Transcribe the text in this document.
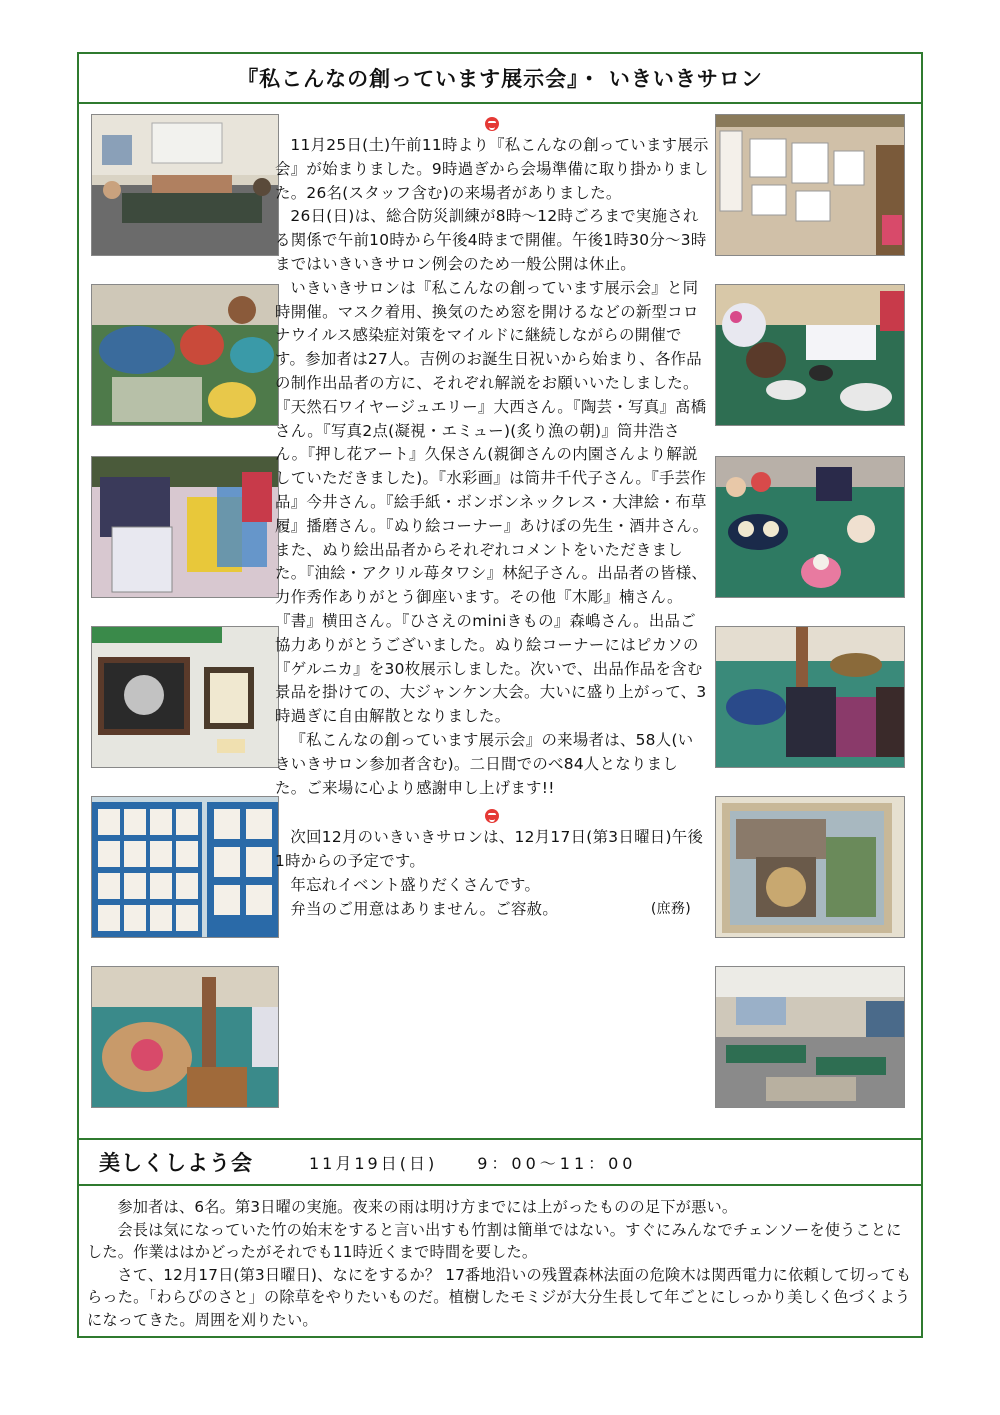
『私こんなの創っています展示会』・ いきいきサロン

11月25日(土)午前11時より『私こんなの創っています展示会』が始まりました。9時過ぎから会場準備に取り掛かりました。26名(スタッフ含む)の来場者がありました。

26日(日)は、総合防災訓練が8時～12時ごろまで実施される関係で午前10時から午後4時まで開催。午後1時30分～3時まではいきいきサロン例会のため一般公開は休止。

いきいきサロンは『私こんなの創っています展示会』と同時開催。マスク着用、換気のため窓を開けるなどの新型コロナウイルス感染症対策をマイルドに継続しながらの開催です。参加者は27人。吉例のお誕生日祝いから始まり、各作品の制作出品者の方に、それぞれ解説をお願いいたしました。『天然石ワイヤージュエリー』大西さん。『陶芸・写真』髙橋さん。『写真2点(凝視・エミュー)(炙り漁の朝)』筒井浩さん。『押し花アート』久保さん(親御さんの内園さんより解説していただきました)。『水彩画』は筒井千代子さん。『手芸作品』今井さん。『絵手紙・ボンボンネックレス・大津絵・布草履』播磨さん。『ぬり絵コーナー』あけぼの先生・酒井さん。また、ぬり絵出品者からそれぞれコメントをいただきました。『油絵・アクリル苺タワシ』林紀子さん。出品者の皆様、力作秀作ありがとう御座います。その他『木彫』楠さん。『書』横田さん。『ひさえのminiきもの』森嶋さん。出品ご協力ありがとうございました。ぬり絵コーナーにはピカソの『ゲルニカ』を30枚展示しました。次いで、出品作品を含む景品を掛けての、大ジャンケン大会。大いに盛り上がって、3時過ぎに自由解散となりました。

『私こんなの創っています展示会』の来場者は、58人(いきいきサロン参加者含む)。二日間でのべ84人となりました。ご来場に心より感謝申し上げます!!

次回12月のいきいきサロンは、12月17日(第3日曜日)午後1時からの予定です。

年忘れイベント盛りだくさんです。

弁当のご用意はありません。ご容赦。	(庶務)

美しくしよう会	11月19日(日)	9：00～11：00

参加者は、6名。第3日曜の実施。夜来の雨は明け方までには上がったものの足下が悪い。

会長は気になっていた竹の始末をすると言い出すも竹割は簡単ではない。すぐにみんなでチェンソーを使うことにした。作業ははかどったがそれでも11時近くまで時間を要した。

さて、12月17日(第3日曜日)、なにをするか？ 17番地沿いの残置森林法面の危険木は関西電力に依頼して切ってもらった。「わらびのさと」の除草をやりたいものだ。植樹したモミジが大分生長して年ごとにしっかり美しく色づくようになってきた。周囲を刈りたい。
